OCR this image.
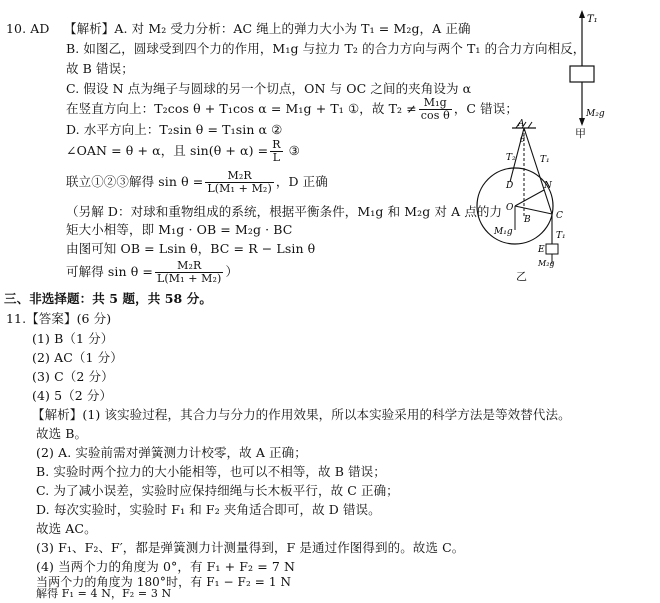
10. AD 【解析】A. 对 M₂ 受力分析：AC 绳上的弹力大小为 T₁ = M₂g，A 正确
B. 如图乙，圆球受到四个力的作用，M₁g 与拉力 T₂ 的合力方向与两个 T₁ 的合力方向相反，
故 B 错误；
C. 假设 N 点为绳子与圆球的另一个切点，ON 与 OC 之间的夹角设为 α
在竖直方向上：T₂cos θ + T₁cos α = M₁g + T₁ ①，故 $T_2 \ne \frac{\text{M₁g}}{\text{cos θ}}$ ，C 错误；
D. 水平方向上：T₂sin θ = T₁sin α ②
∠OAN = θ + α，且 $\sin(\theta + \alpha) = \frac{R}{L}$ ③
联立①②③解得 $\sin \theta = \frac{\text{M₂R}}{\text{L(M₁ + M₂)}}$ ，D 正确
（另解 D：对球和重物组成的系统，根据平衡条件，M₁g 和 M₂g 对 A 点的力
矩大小相等，即 M₁g · OB = M₂g · BC
由图可知 OB = Lsin θ，BC = R − Lsin θ
可解得 $\sin \theta = \frac{\text{M₂R}}{\text{L(M₁ + M₂)}}$ ）
三、非选择题：共 5 题，共 58 分。
11.【答案】(6 分)
(1) B（1 分）
(2) AC（1 分）
(3) C（2 分）
(4) 5（2 分）
【解析】(1) 该实验过程，其合力与分力的作用效果，所以本实验采用的科学方法是等效替代法。
故选 B。
(2) A. 实验前需对弹簧测力计校零，故 A 正确；
B. 实验时两个拉力的大小能相等，也可以不相等，故 B 错误；
C. 为了减小误差，实验时应保持细绳与长木板平行，故 C 正确；
D. 每次实验时，实验时 F₁ 和 F₂ 夹角适合即可，故 D 错误。
故选 AC。
(3) F₁、F₂、F′，都是弹簧测力计测量得到，F 是通过作图得到的。故选 C。
(4) 当两个力的角度为 0°，有 F₁ + F₂ = 7 N
当两个力的角度为 180°时，有 F₁ − F₂ = 1 N
解得 F₁ = 4 N，F₂ = 3 N
T₁
M₂g
甲
A
θ
T₂	T₁
D	N
O
B	C
M₁g	T₁
E
M₂g
乙
